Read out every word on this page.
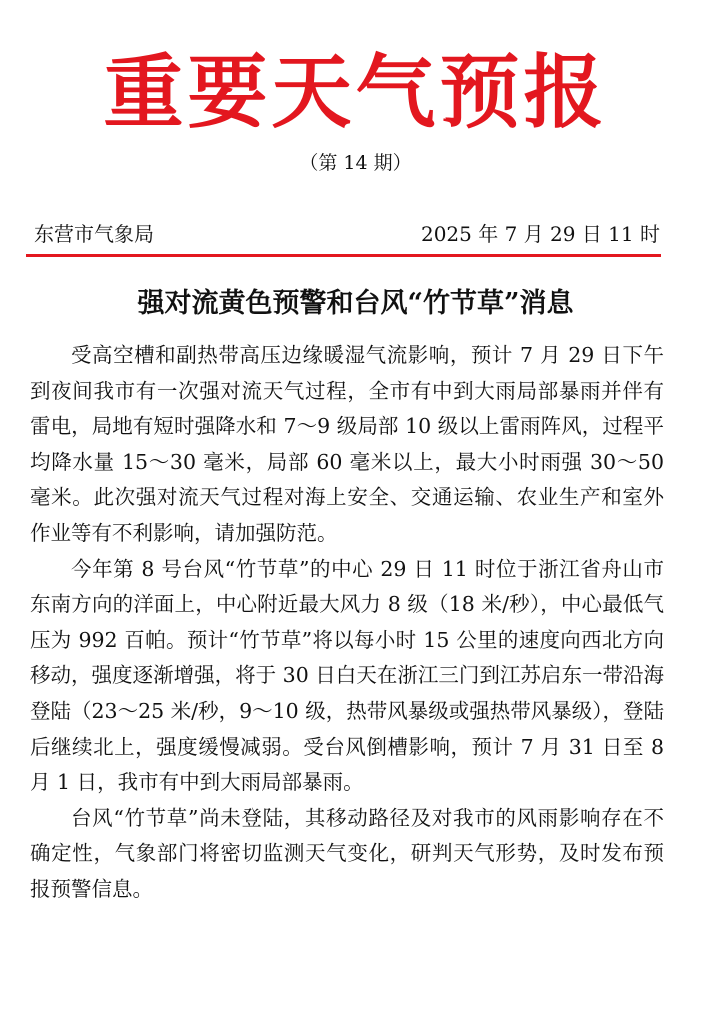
重要天气预报
（第 14 期）
东营市气象局	2025 年 7 月 29 日 11 时
强对流黄色预警和台风“竹节草”消息

受高空槽和副热带高压边缘暖湿气流影响，预计 7 月 29 日下午到夜间我市有一次强对流天气过程，全市有中到大雨局部暴雨并伴有雷电，局地有短时强降水和 7～9 级局部 10 级以上雷雨阵风，过程平均降水量 15～30 毫米，局部 60 毫米以上，最大小时雨强 30～50 毫米。此次强对流天气过程对海上安全、交通运输、农业生产和室外作业等有不利影响，请加强防范。

今年第 8 号台风“竹节草”的中心 29 日 11 时位于浙江省舟山市东南方向的洋面上，中心附近最大风力 8 级（18 米/秒），中心最低气压为 992 百帕。预计“竹节草”将以每小时 15 公里的速度向西北方向移动，强度逐渐增强，将于 30 日白天在浙江三门到江苏启东一带沿海登陆（23～25 米/秒，9～10 级，热带风暴级或强热带风暴级），登陆后继续北上，强度缓慢减弱。受台风倒槽影响，预计 7 月 31 日至 8 月 1 日，我市有中到大雨局部暴雨。

台风“竹节草”尚未登陆，其移动路径及对我市的风雨影响存在不确定性，气象部门将密切监测天气变化，研判天气形势，及时发布预报预警信息。
